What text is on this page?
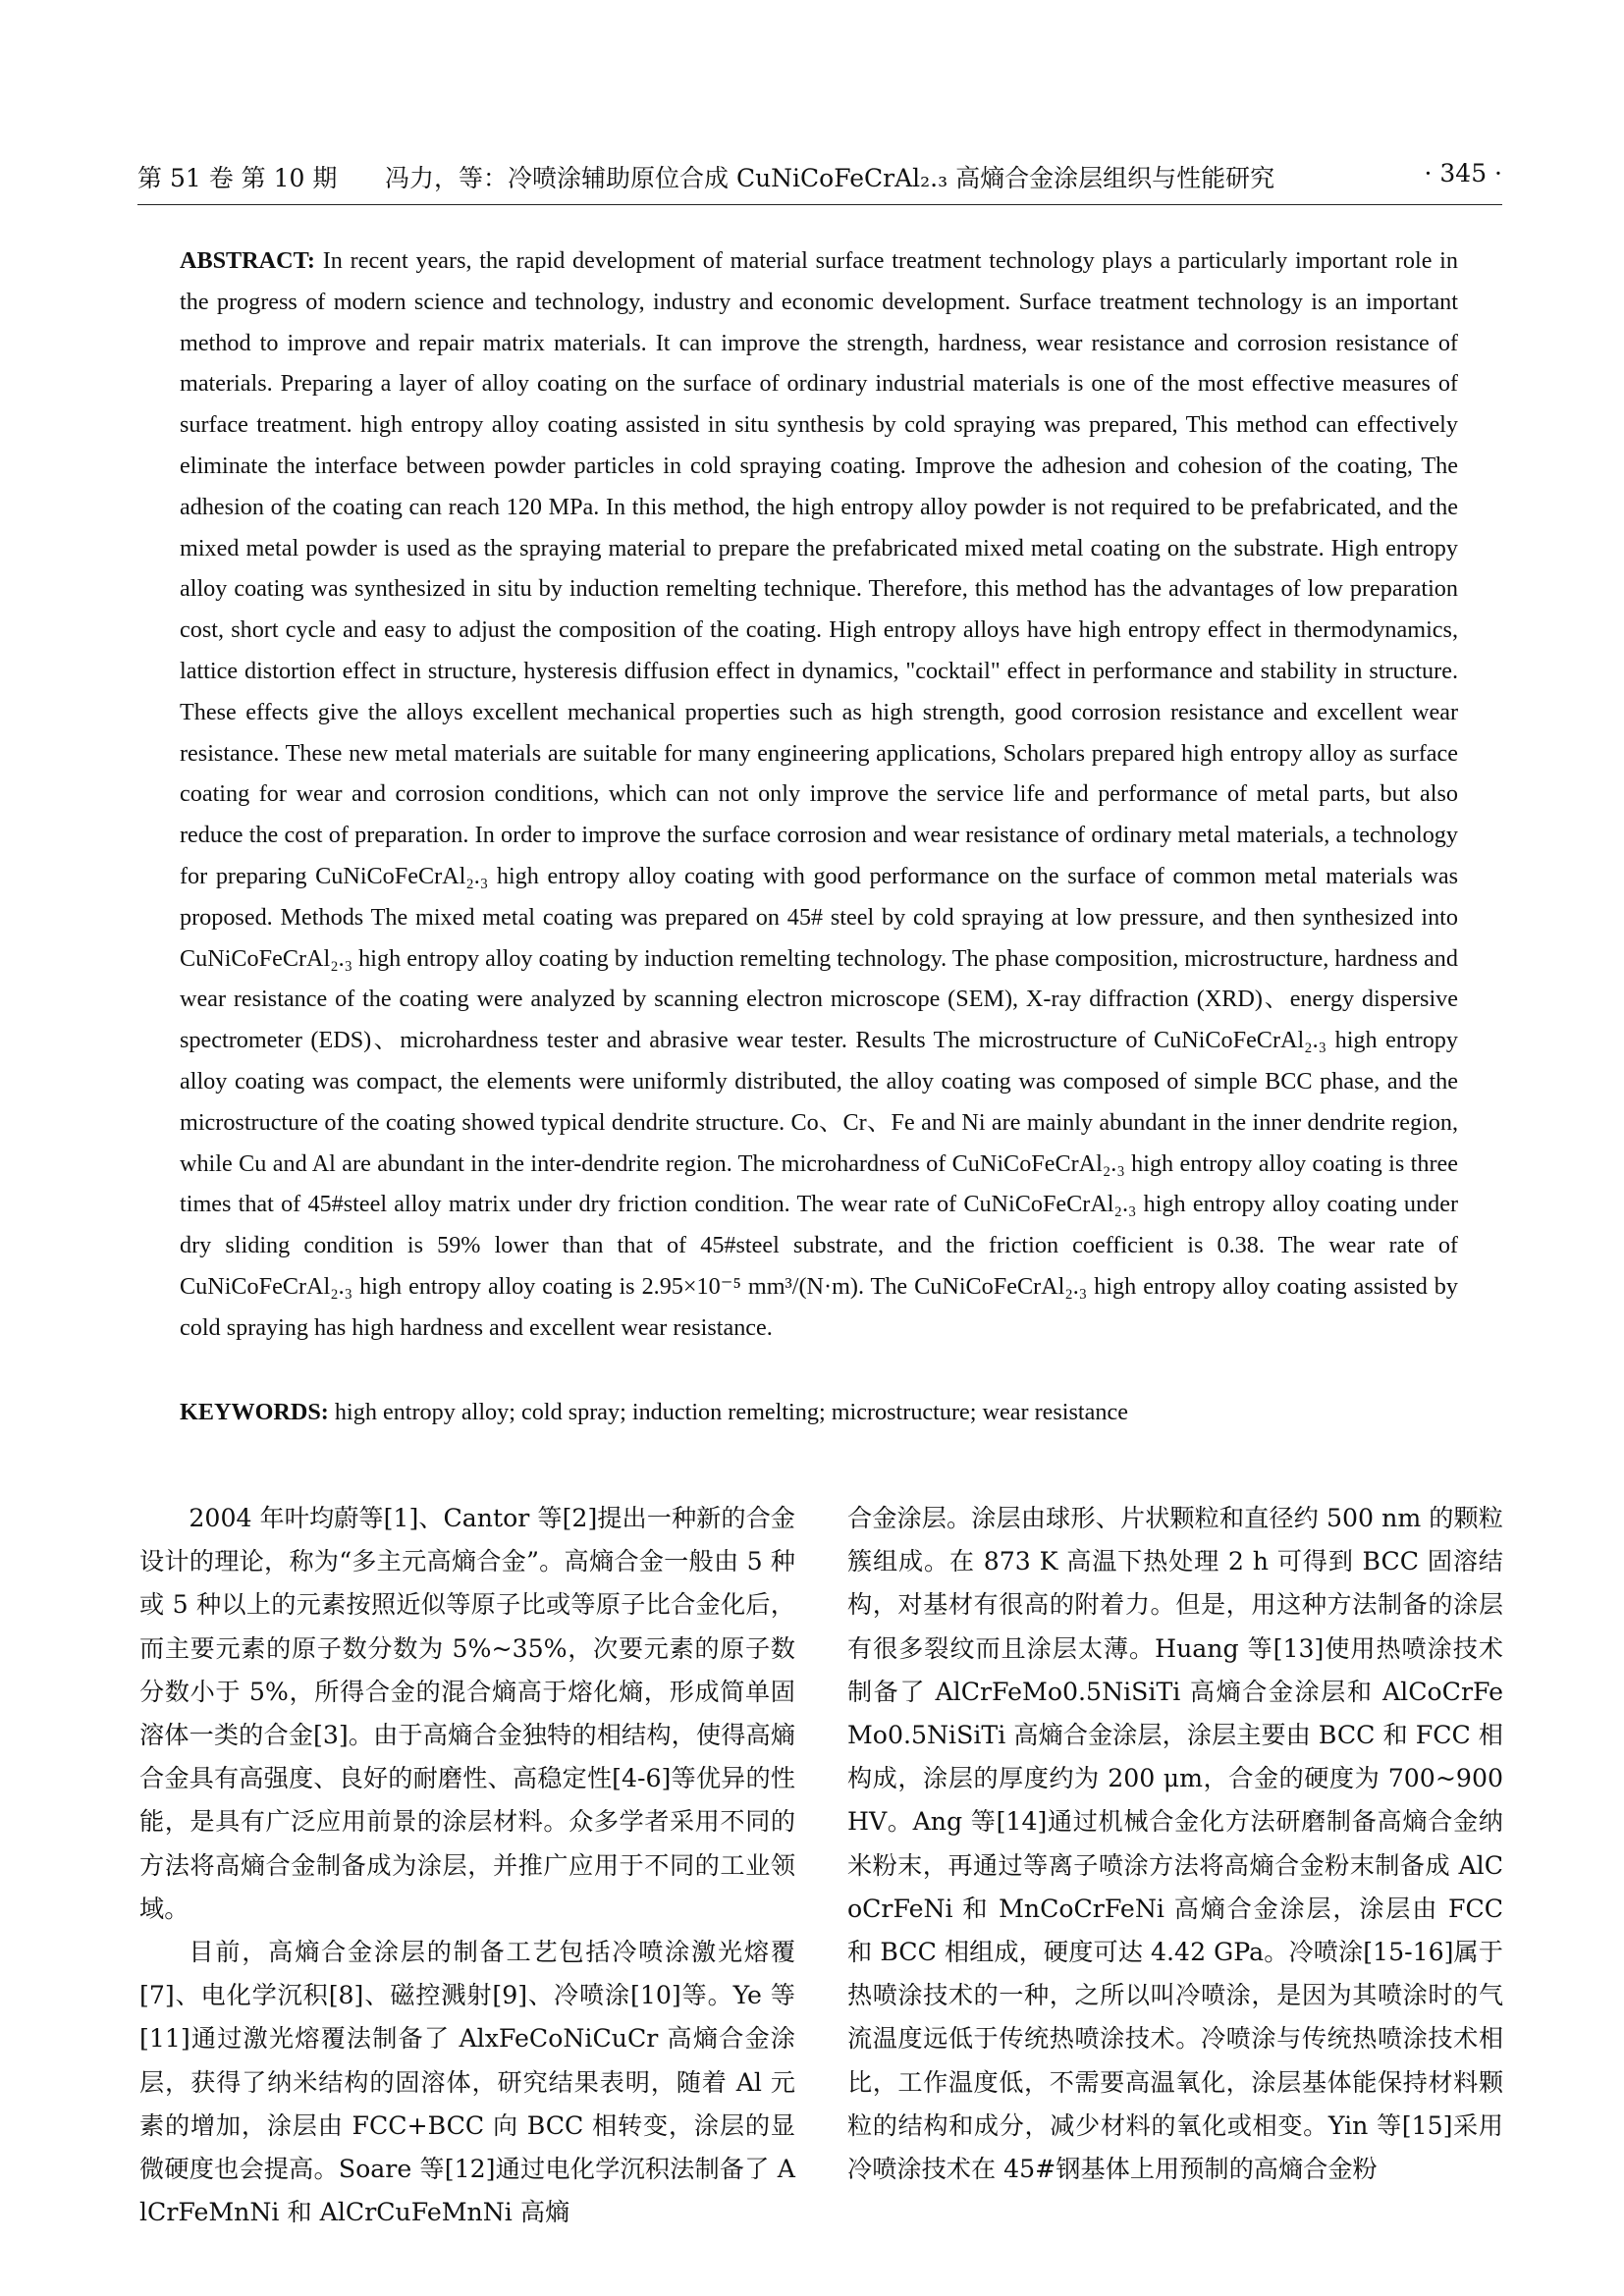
第 51 卷 第 10 期 冯力，等：冷喷涂辅助原位合成 CuNiCoFeCrAl₂.₃ 高熵合金涂层组织与性能研究	· 345 ·
ABSTRACT: In recent years, the rapid development of material surface treatment technology plays a particularly important role in the progress of modern science and technology, industry and economic development. Surface treatment technology is an important method to improve and repair matrix materials. It can improve the strength, hardness, wear resistance and corrosion resistance of materials. Preparing a layer of alloy coating on the surface of ordinary industrial materials is one of the most effective measures of surface treatment. high entropy alloy coating assisted in situ synthesis by cold spraying was prepared, This method can effectively eliminate the interface between powder particles in cold spraying coating. Improve the adhesion and cohesion of the coating, The adhesion of the coating can reach 120 MPa. In this method, the high entropy alloy powder is not required to be prefabricated, and the mixed metal powder is used as the spraying material to prepare the prefabricated mixed metal coating on the substrate. High entropy alloy coating was synthesized in situ by induction remelting technique. Therefore, this method has the advantages of low preparation cost, short cycle and easy to adjust the composition of the coating. High entropy alloys have high entropy effect in thermodynamics, lattice distortion effect in structure, hysteresis diffusion effect in dynamics, "cocktail" effect in performance and stability in structure. These effects give the alloys excellent mechanical properties such as high strength, good corrosion resistance and excellent wear resistance. These new metal materials are suitable for many engineering applications, Scholars prepared high entropy alloy as surface coating for wear and corrosion conditions, which can not only improve the service life and performance of metal parts, but also reduce the cost of preparation. In order to improve the surface corrosion and wear resistance of ordinary metal materials, a technology for preparing CuNiCoFeCrAl₂.₃ high entropy alloy coating with good performance on the surface of common metal materials was proposed. Methods The mixed metal coating was prepared on 45# steel by cold spraying at low pressure, and then synthesized into CuNiCoFeCrAl₂.₃ high entropy alloy coating by induction remelting technology. The phase composition, microstructure, hardness and wear resistance of the coating were analyzed by scanning electron microscope (SEM), X-ray diffraction (XRD)、energy dispersive spectrometer (EDS)、microhardness tester and abrasive wear tester. Results The microstructure of CuNiCoFeCrAl₂.₃ high entropy alloy coating was compact, the elements were uniformly distributed, the alloy coating was composed of simple BCC phase, and the microstructure of the coating showed typical dendrite structure. Co、Cr、Fe and Ni are mainly abundant in the inner dendrite region, while Cu and Al are abundant in the inter-dendrite region. The microhardness of CuNiCoFeCrAl₂.₃ high entropy alloy coating is three times that of 45#steel alloy matrix under dry friction condition. The wear rate of CuNiCoFeCrAl₂.₃ high entropy alloy coating under dry sliding condition is 59% lower than that of 45#steel substrate, and the friction coefficient is 0.38. The wear rate of CuNiCoFeCrAl₂.₃ high entropy alloy coating is 2.95×10⁻⁵ mm³/(N·m). The CuNiCoFeCrAl₂.₃ high entropy alloy coating assisted by cold spraying has high hardness and excellent wear resistance.
KEYWORDS: high entropy alloy; cold spray; induction remelting; microstructure; wear resistance

2004 年叶均蔚等[1]、Cantor 等[2]提出一种新的合金设计的理论，称为“多主元高熵合金”。高熵合金一般由 5 种或 5 种以上的元素按照近似等原子比或等原子比合金化后，而主要元素的原子数分数为 5%~35%，次要元素的原子数分数小于 5%，所得合金的混合熵高于熔化熵，形成简单固溶体一类的合金[3]。由于高熵合金独特的相结构，使得高熵合金具有高强度、良好的耐磨性、高稳定性[4-6]等优异的性能，是具有广泛应用前景的涂层材料。众多学者采用不同的方法将高熵合金制备成为涂层，并推广应用于不同的工业领域。

目前，高熵合金涂层的制备工艺包括冷喷涂激光熔覆[7]、电化学沉积[8]、磁控溅射[9]、冷喷涂[10]等。Ye 等[11]通过激光熔覆法制备了 AlxFeCoNiCuCr 高熵合金涂层，获得了纳米结构的固溶体，研究结果表明，随着 Al 元素的增加，涂层由 FCC+BCC 向 BCC 相转变，涂层的显微硬度也会提高。Soare 等[12]通过电化学沉积法制备了 AlCrFeMnNi 和 AlCrCuFeMnNi 高熵

合金涂层。涂层由球形、片状颗粒和直径约 500 nm 的颗粒簇组成。在 873 K 高温下热处理 2 h 可得到 BCC 固溶结构，对基材有很高的附着力。但是，用这种方法制备的涂层有很多裂纹而且涂层太薄。Huang 等[13]使用热喷涂技术制备了 AlCrFeMo0.5NiSiTi 高熵合金涂层和 AlCoCrFeMo0.5NiSiTi 高熵合金涂层，涂层主要由 BCC 和 FCC 相构成，涂层的厚度约为 200 μm，合金的硬度为 700~900HV。Ang 等[14]通过机械合金化方法研磨制备高熵合金纳米粉末，再通过等离子喷涂方法将高熵合金粉末制备成 AlCoCrFeNi 和 MnCoCrFeNi 高熵合金涂层，涂层由 FCC 和 BCC 相组成，硬度可达 4.42 GPa。冷喷涂[15-16]属于热喷涂技术的一种，之所以叫冷喷涂，是因为其喷涂时的气流温度远低于传统热喷涂技术。冷喷涂与传统热喷涂技术相比，工作温度低，不需要高温氧化，涂层基体能保持材料颗粒的结构和成分，减少材料的氧化或相变。Yin 等[15]采用冷喷涂技术在 45#钢基体上用预制的高熵合金粉
